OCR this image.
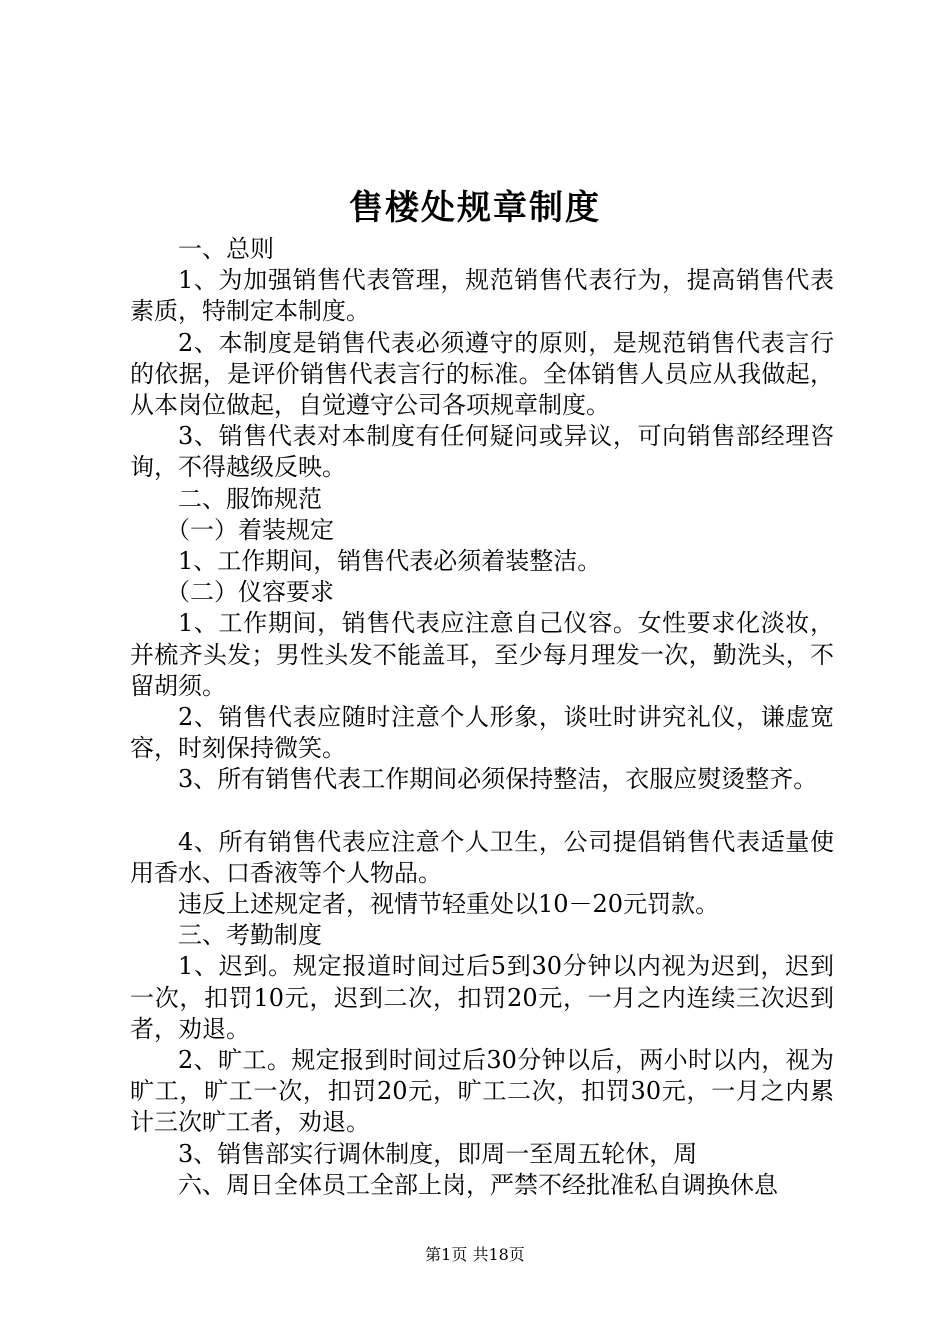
售楼处规章制度

一、总则

1、为加强销售代表管理，规范销售代表行为，提高销售代表素质，特制定本制度。

2、本制度是销售代表必须遵守的原则，是规范销售代表言行的依据，是评价销售代表言行的标准。全体销售人员应从我做起，从本岗位做起，自觉遵守公司各项规章制度。

3、销售代表对本制度有任何疑问或异议，可向销售部经理咨询，不得越级反映。

二、服饰规范

（一）着装规定

1、工作期间，销售代表必须着装整洁。

（二）仪容要求

1、工作期间，销售代表应注意自己仪容。女性要求化淡妆，并梳齐头发；男性头发不能盖耳，至少每月理发一次，勤洗头，不留胡须。

2、销售代表应随时注意个人形象，谈吐时讲究礼仪，谦虚宽容，时刻保持微笑。

3、所有销售代表工作期间必须保持整洁，衣服应熨烫整齐。

4、所有销售代表应注意个人卫生，公司提倡销售代表适量使用香水、口香液等个人物品。

违反上述规定者，视情节轻重处以10－20元罚款。

三、考勤制度

1、迟到。规定报道时间过后5到30分钟以内视为迟到，迟到一次，扣罚10元，迟到二次，扣罚20元，一月之内连续三次迟到者，劝退。

2、旷工。规定报到时间过后30分钟以后，两小时以内，视为旷工，旷工一次，扣罚20元，旷工二次，扣罚30元，一月之内累计三次旷工者，劝退。

3、销售部实行调休制度，即周一至周五轮休，周

六、周日全体员工全部上岗，严禁不经批准私自调换休息

第1页 共18页
